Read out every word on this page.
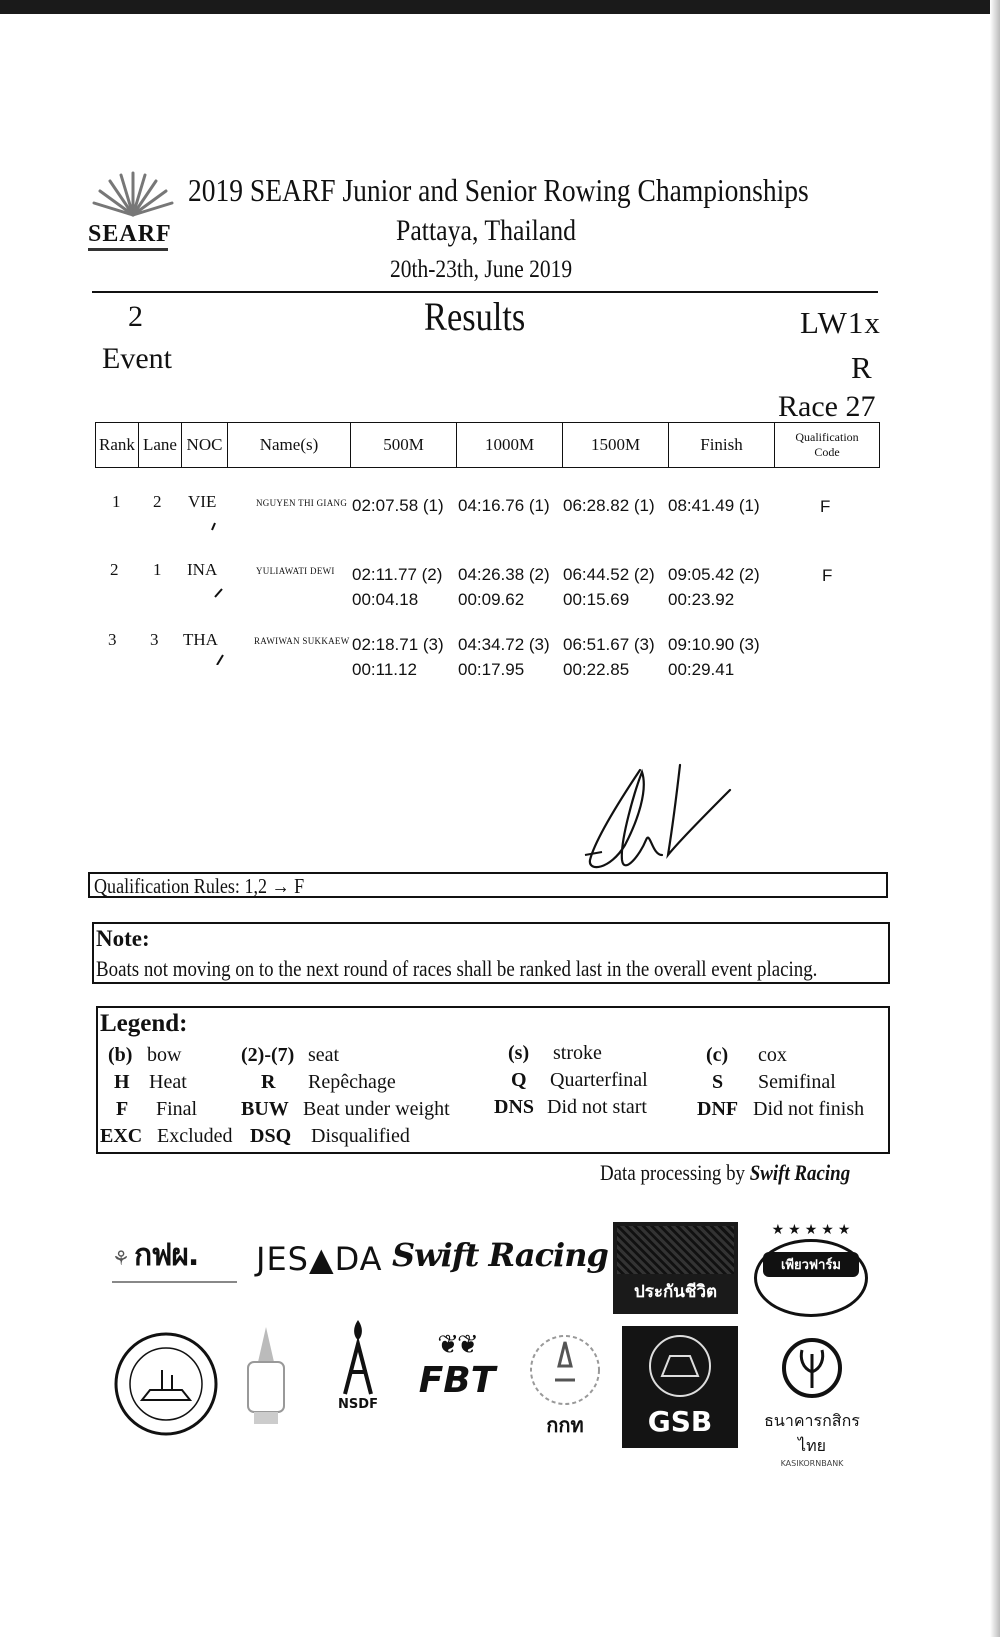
SEARF
2019 SEARF Junior and Senior Rowing Championships
Pattaya, Thailand
20th-23th, June 2019
2
Event
Results	LW1x
R
Race 27
Rank	Lane	NOC	Name(s)	500M	1000M	1500M	Finish	Qualification
Code
1 2 VIE	NGUYEN THI GIANG 02:07.58 (1) 04:16.76 (1) 06:28.82 (1) 08:41.49 (1)	F
2 1 INA	YULIAWATI DEWI 02:11.77 (2) 04:26.38 (2) 06:44.52 (2) 09:05.42 (2)	F
00:04.18 00:09.62 00:15.69 00:23.92
3 3 THA	RAWIWAN SUKKAEW 02:18.71 (3) 04:34.72 (3) 06:51.67 (3) 09:10.90 (3)
00:11.12 00:17.95 00:22.85 00:29.41
Qualification Rules: 1,2 → F
Note:
Boats not moving on to the next round of races shall be ranked last in the overall event placing.
Legend:
(b) bow	(2)-(7) seat	(s) stroke	(c) cox
H Heat	R Repêchage	Q Quarterfinal	S Semifinal
F Final BUW Beat under weight DNS Did not start	DNF Did not finish
EXC Excluded DSQ Disqualified
Data processing by Swift Racing
⚘ กฟผ.	JES▲DA Swift Racing
ประกันชีวิต
★★★★★
เพียวฟาร์ม
NSDF
❦❦
FBT
กกท	GSB	ธนาคารกสิกรไทย
KASIKORNBANK
